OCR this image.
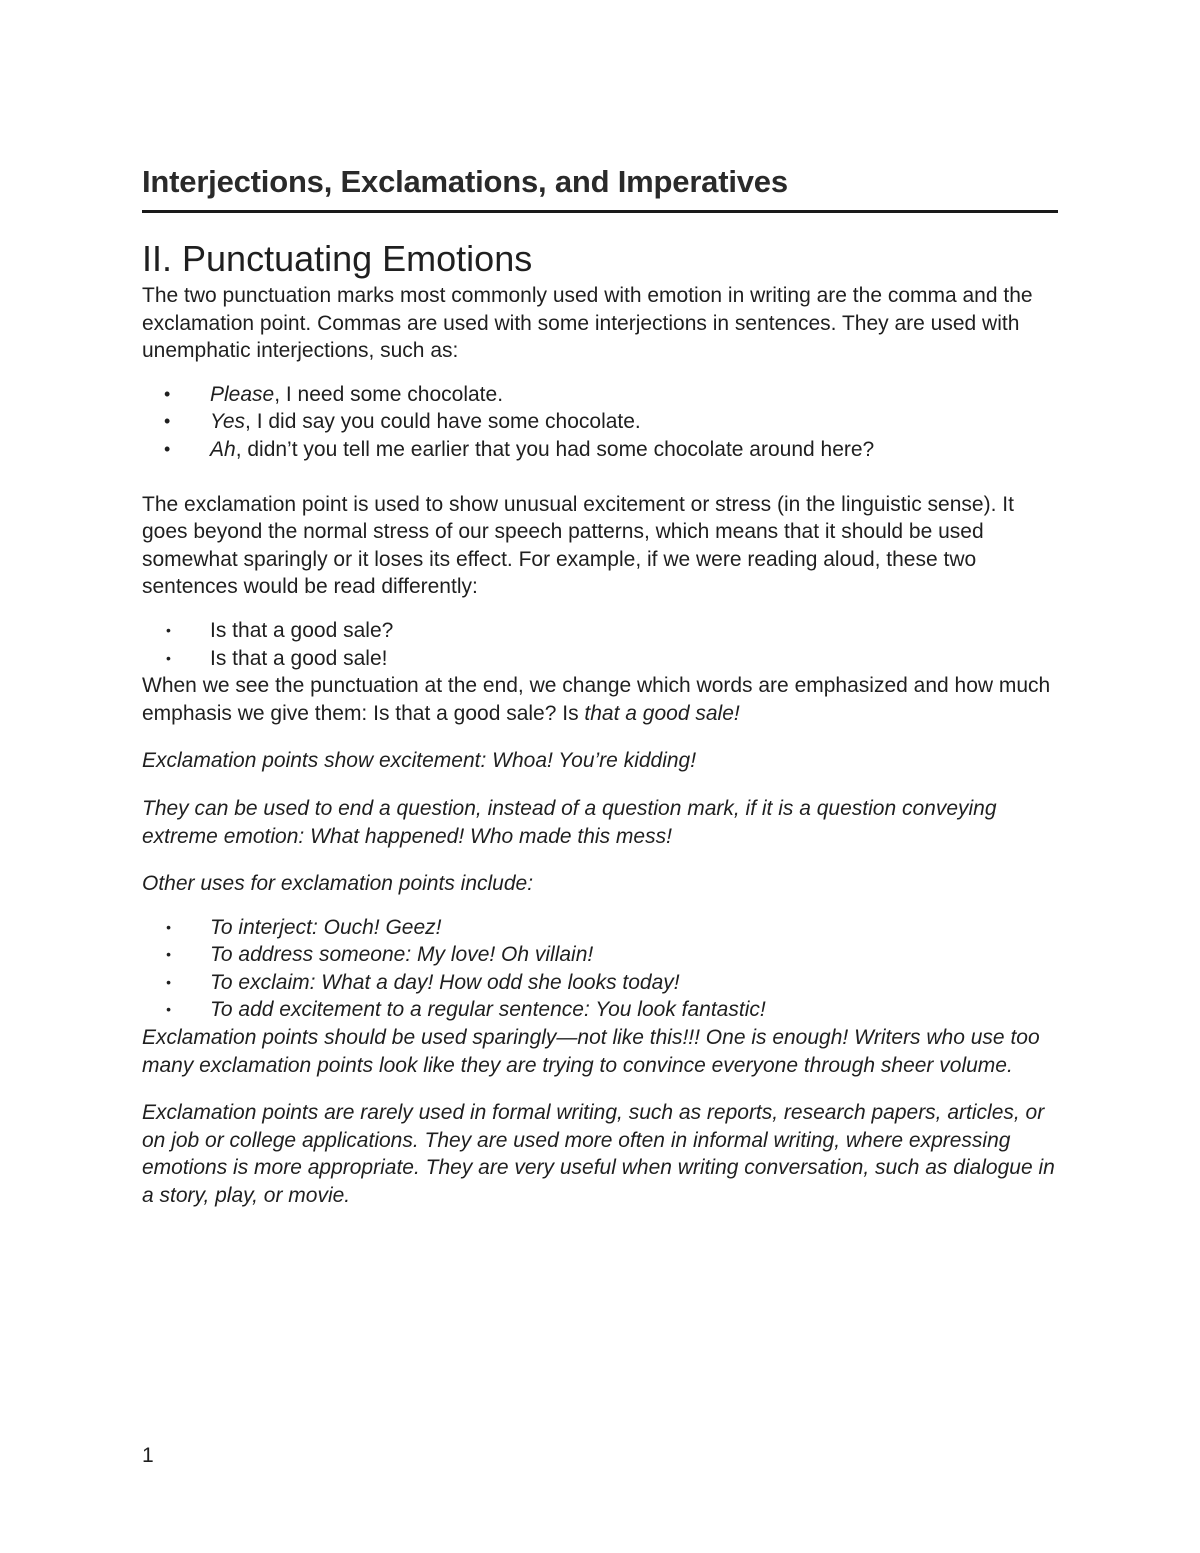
Interjections, Exclamations, and Imperatives
II. Punctuating Emotions

The two punctuation marks most commonly used with emotion in writing are the comma and the exclamation point. Commas are used with some interjections in sentences. They are used with unemphatic interjections, such as:

• Please, I need some chocolate.
• Yes, I did say you could have some chocolate.
• Ah, didn’t you tell me earlier that you had some chocolate around here?

The exclamation point is used to show unusual excitement or stress (in the linguistic sense). It goes beyond the normal stress of our speech patterns, which means that it should be used somewhat sparingly or it loses its effect. For example, if we were reading aloud, these two sentences would be read differently:

• Is that a good sale?
• Is that a good sale!

When we see the punctuation at the end, we change which words are emphasized and how much emphasis we give them: Is that a good sale? Is that a good sale!

Exclamation points show excitement: Whoa! You’re kidding!

They can be used to end a question, instead of a question mark, if it is a question conveying extreme emotion: What happened! Who made this mess!

Other uses for exclamation points include:

• To interject: Ouch! Geez!
• To address someone: My love! Oh villain!
• To exclaim: What a day! How odd she looks today!
• To add excitement to a regular sentence: You look fantastic!

Exclamation points should be used sparingly—not like this!!! One is enough! Writers who use too many exclamation points look like they are trying to convince everyone through sheer volume.

Exclamation points are rarely used in formal writing, such as reports, research papers, articles, or on job or college applications. They are used more often in informal writing, where expressing emotions is more appropriate. They are very useful when writing conversation, such as dialogue in a story, play, or movie.

1
